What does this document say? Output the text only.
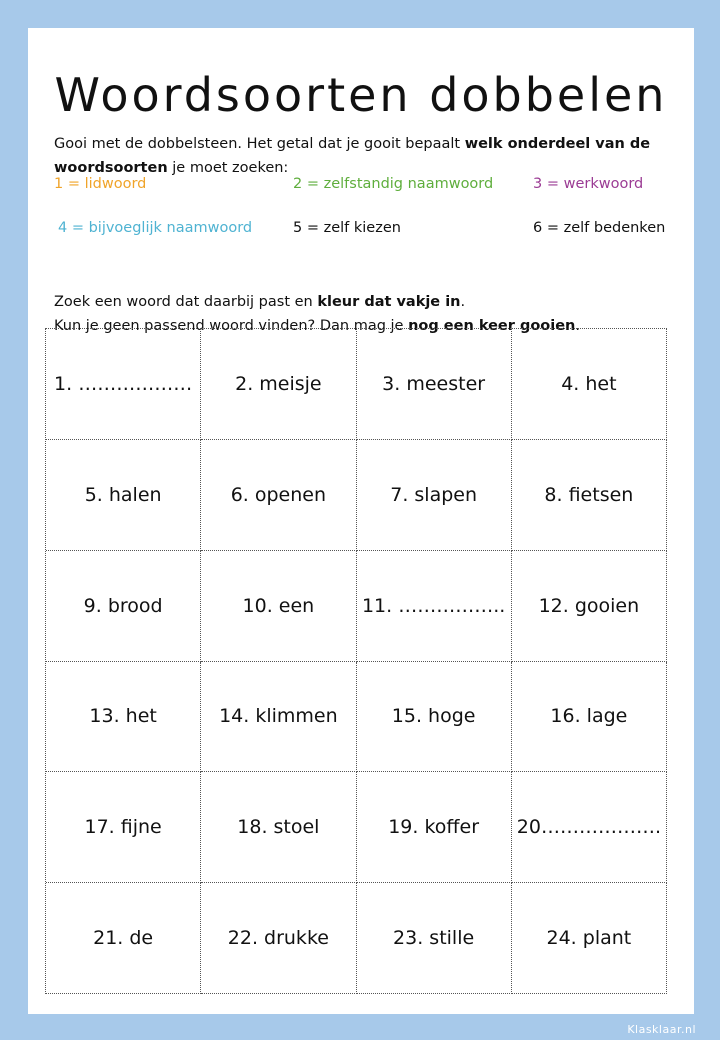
Woordsoorten dobbelen
Gooi met de dobbelsteen. Het getal dat je gooit bepaalt welk onderdeel van de woordsoorten je moet zoeken:
1 = lidwoord	2 = zelfstandig naamwoord	3 = werkwoord
4 = bijvoeglijk naamwoord	5 = zelf kiezen	6 = zelf bedenken
Zoek een woord dat daarbij past en kleur dat vakje in.
Kun je geen passend woord vinden? Dan mag je nog een keer gooien.
1. ………………	2. meisje	3. meester	4. het
5. halen	6. openen	7. slapen	8. fietsen
9. brood	10. een	11. ……………..	12. gooien
13. het	14. klimmen	15. hoge	16. lage
17. fijne	18. stoel	19. koffer	20……………….
21. de	22. drukke	23. stille	24. plant
Klasklaar.nl
